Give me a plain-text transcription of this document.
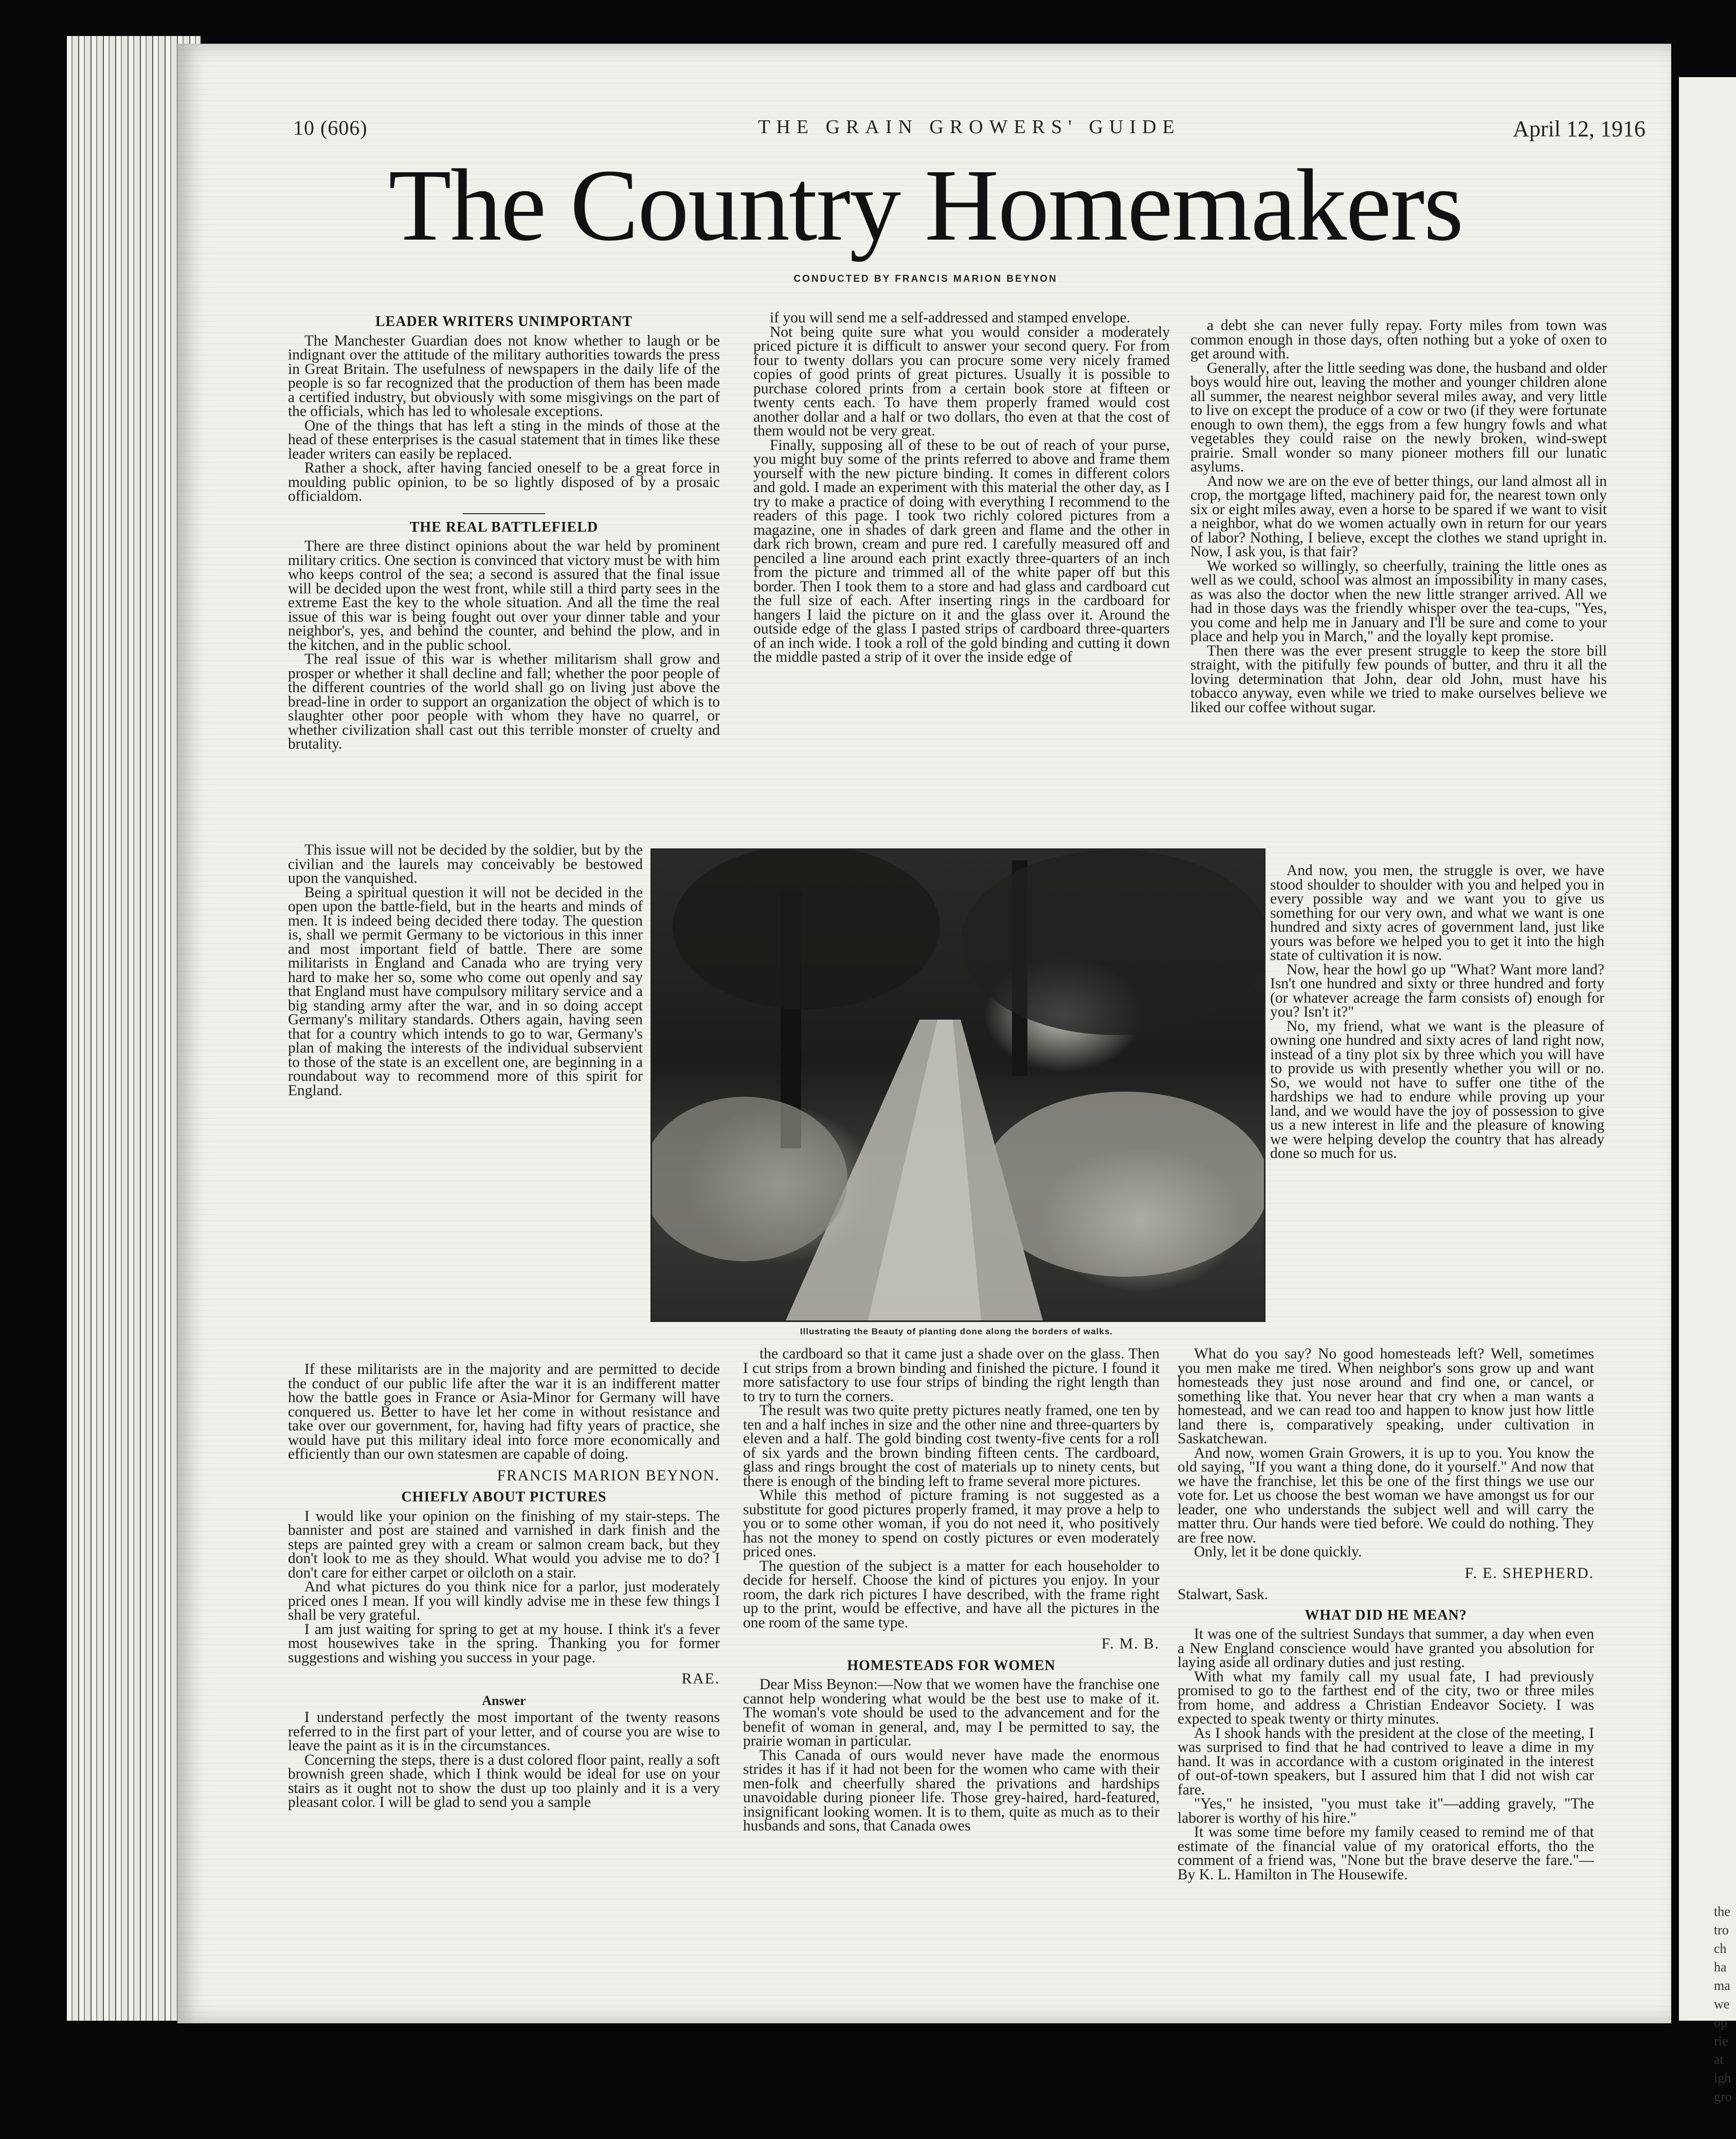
the
tro
ch
ha
ma
we
op
rie
at
igh
gro
10 (606)	THE GRAIN GROWERS' GUIDE	April 12, 1916
The Country Homemakers
CONDUCTED BY FRANCIS MARION BEYNON
LEADER WRITERS UNIMPORTANT

The Manchester Guardian does not know whether to laugh or be indignant over the attitude of the military authorities towards the press in Great Britain. The usefulness of newspapers in the daily life of the people is so far recognized that the production of them has been made a certified industry, but obviously with some misgivings on the part of the officials, which has led to wholesale exceptions.

One of the things that has left a sting in the minds of those at the head of these enterprises is the casual statement that in times like these leader writers can easily be replaced.

Rather a shock, after having fancied oneself to be a great force in moulding public opinion, to be so lightly disposed of by a prosaic officialdom.

THE REAL BATTLEFIELD

There are three distinct opinions about the war held by prominent military critics. One section is convinced that victory must be with him who keeps control of the sea; a second is assured that the final issue will be decided upon the west front, while still a third party sees in the extreme East the key to the whole situation. And all the time the real issue of this war is being fought out over your dinner table and your neighbor's, yes, and behind the counter, and behind the plow, and in the kitchen, and in the public school.

The real issue of this war is whether militarism shall grow and prosper or whether it shall decline and fall; whether the poor people of the different countries of the world shall go on living just above the bread-line in order to support an organization the object of which is to slaughter other poor people with whom they have no quarrel, or whether civilization shall cast out this terrible monster of cruelty and brutality.

This issue will not be decided by the soldier, but by the civilian and the laurels may conceivably be bestowed upon the vanquished.

Being a spiritual question it will not be decided in the open upon the battle-field, but in the hearts and minds of men. It is indeed being decided there today. The question is, shall we permit Germany to be victorious in this inner and most important field of battle. There are some militarists in England and Canada who are trying very hard to make her so, some who come out openly and say that England must have compulsory military service and a big standing army after the war, and in so doing accept Germany's military standards. Others again, having seen that for a country which intends to go to war, Germany's plan of making the interests of the individual subservient to those of the state is an excellent one, are beginning in a roundabout way to recommend more of this spirit for England.

If these militarists are in the majority and are permitted to decide the conduct of our public life after the war it is an indifferent matter how the battle goes in France or Asia-Minor for Germany will have conquered us. Better to have let her come in without resistance and take over our government, for, having had fifty years of practice, she would have put this military ideal into force more economically and efficiently than our own statesmen are capable of doing.

FRANCIS MARION BEYNON.
CHIEFLY ABOUT PICTURES

I would like your opinion on the finishing of my stair-steps. The bannister and post are stained and varnished in dark finish and the steps are painted grey with a cream or salmon cream back, but they don't look to me as they should. What would you advise me to do? I don't care for either carpet or oilcloth on a stair.

And what pictures do you think nice for a parlor, just moderately priced ones I mean. If you will kindly advise me in these few things I shall be very grateful.

I am just waiting for spring to get at my house. I think it's a fever most housewives take in the spring. Thanking you for former suggestions and wishing you success in your page.

RAE.
Answer

I understand perfectly the most important of the twenty reasons referred to in the first part of your letter, and of course you are wise to leave the paint as it is in the circumstances.

Concerning the steps, there is a dust colored floor paint, really a soft brownish green shade, which I think would be ideal for use on your stairs as it ought not to show the dust up too plainly and it is a very pleasant color. I will be glad to send you a sample

if you will send me a self-addressed and stamped envelope.

Not being quite sure what you would consider a moderately priced picture it is difficult to answer your second query. For from four to twenty dollars you can procure some very nicely framed copies of good prints of great pictures. Usually it is possible to purchase colored prints from a certain book store at fifteen or twenty cents each. To have them properly framed would cost another dollar and a half or two dollars, tho even at that the cost of them would not be very great.

Finally, supposing all of these to be out of reach of your purse, you might buy some of the prints referred to above and frame them yourself with the new picture binding. It comes in different colors and gold. I made an experiment with this material the other day, as I try to make a practice of doing with everything I recommend to the readers of this page. I took two richly colored pictures from a magazine, one in shades of dark green and flame and the other in dark rich brown, cream and pure red. I carefully measured off and penciled a line around each print exactly three-quarters of an inch from the picture and trimmed all of the white paper off but this border. Then I took them to a store and had glass and cardboard cut the full size of each. After inserting rings in the cardboard for hangers I laid the picture on it and the glass over it. Around the outside edge of the glass I pasted strips of cardboard three-quarters of an inch wide. I took a roll of the gold binding and cutting it down the middle pasted a strip of it over the inside edge of

Illustrating the Beauty of planting done along the borders of walks.

the cardboard so that it came just a shade over on the glass. Then I cut strips from a brown binding and finished the picture. I found it more satisfactory to use four strips of binding the right length than to try to turn the corners.

The result was two quite pretty pictures neatly framed, one ten by ten and a half inches in size and the other nine and three-quarters by eleven and a half. The gold binding cost twenty-five cents for a roll of six yards and the brown binding fifteen cents. The cardboard, glass and rings brought the cost of materials up to ninety cents, but there is enough of the binding left to frame several more pictures.

While this method of picture framing is not suggested as a substitute for good pictures properly framed, it may prove a help to you or to some other woman, if you do not need it, who positively has not the money to spend on costly pictures or even moderately priced ones.

The question of the subject is a matter for each householder to decide for herself. Choose the kind of pictures you enjoy. In your room, the dark rich pictures I have described, with the frame right up to the print, would be effective, and have all the pictures in the one room of the same type.

F. M. B.
HOMESTEADS FOR WOMEN

Dear Miss Beynon:—Now that we women have the franchise one cannot help wondering what would be the best use to make of it. The woman's vote should be used to the advancement and for the benefit of woman in general, and, may I be permitted to say, the prairie woman in particular.

This Canada of ours would never have made the enormous strides it has if it had not been for the women who came with their men-folk and cheerfully shared the privations and hardships unavoidable during pioneer life. Those grey-haired, hard-featured, insignificant looking women. It is to them, quite as much as to their husbands and sons, that Canada owes

a debt she can never fully repay. Forty miles from town was common enough in those days, often nothing but a yoke of oxen to get around with.

Generally, after the little seeding was done, the husband and older boys would hire out, leaving the mother and younger children alone all summer, the nearest neighbor several miles away, and very little to live on except the produce of a cow or two (if they were fortunate enough to own them), the eggs from a few hungry fowls and what vegetables they could raise on the newly broken, wind-swept prairie. Small wonder so many pioneer mothers fill our lunatic asylums.

And now we are on the eve of better things, our land almost all in crop, the mortgage lifted, machinery paid for, the nearest town only six or eight miles away, even a horse to be spared if we want to visit a neighbor, what do we women actually own in return for our years of labor? Nothing, I believe, except the clothes we stand upright in. Now, I ask you, is that fair?

We worked so willingly, so cheerfully, training the little ones as well as we could, school was almost an impossibility in many cases, as was also the doctor when the new little stranger arrived. All we had in those days was the friendly whisper over the tea-cups, "Yes, you come and help me in January and I'll be sure and come to your place and help you in March," and the loyally kept promise.

Then there was the ever present struggle to keep the store bill straight, with the pitifully few pounds of butter, and thru it all the loving determination that John, dear old John, must have his tobacco anyway, even while we tried to make ourselves believe we liked our coffee without sugar.

And now, you men, the struggle is over, we have stood shoulder to shoulder with you and helped you in every possible way and we want you to give us something for our very own, and what we want is one hundred and sixty acres of government land, just like yours was before we helped you to get it into the high state of cultivation it is now.

Now, hear the howl go up "What? Want more land? Isn't one hundred and sixty or three hundred and forty (or whatever acreage the farm consists of) enough for you? Isn't it?"

No, my friend, what we want is the pleasure of owning one hundred and sixty acres of land right now, instead of a tiny plot six by three which you will have to provide us with presently whether you will or no. So, we would not have to suffer one tithe of the hardships we had to endure while proving up your land, and we would have the joy of possession to give us a new interest in life and the pleasure of knowing we were helping develop the country that has already done so much for us.

What do you say? No good homesteads left? Well, sometimes you men make me tired. When neighbor's sons grow up and want homesteads they just nose around and find one, or cancel, or something like that. You never hear that cry when a man wants a homestead, and we can read too and happen to know just how little land there is, comparatively speaking, under cultivation in Saskatchewan.

And now, women Grain Growers, it is up to you. You know the old saying, "If you want a thing done, do it yourself." And now that we have the franchise, let this be one of the first things we use our vote for. Let us choose the best woman we have amongst us for our leader, one who understands the subject well and will carry the matter thru. Our hands were tied before. We could do nothing. They are free now.

Only, let it be done quickly.

F. E. SHEPHERD.
Stalwart, Sask.
WHAT DID HE MEAN?

It was one of the sultriest Sundays that summer, a day when even a New England conscience would have granted you absolution for laying aside all ordinary duties and just resting.

With what my family call my usual fate, I had previously promised to go to the farthest end of the city, two or three miles from home, and address a Christian Endeavor Society. I was expected to speak twenty or thirty minutes.

As I shook hands with the president at the close of the meeting, I was surprised to find that he had contrived to leave a dime in my hand. It was in accordance with a custom originated in the interest of out-of-town speakers, but I assured him that I did not wish car fare.

"Yes," he insisted, "you must take it"—adding gravely, "The laborer is worthy of his hire."

It was some time before my family ceased to remind me of that estimate of the financial value of my oratorical efforts, tho the comment of a friend was, "None but the brave deserve the fare."—By K. L. Hamilton in The Housewife.
